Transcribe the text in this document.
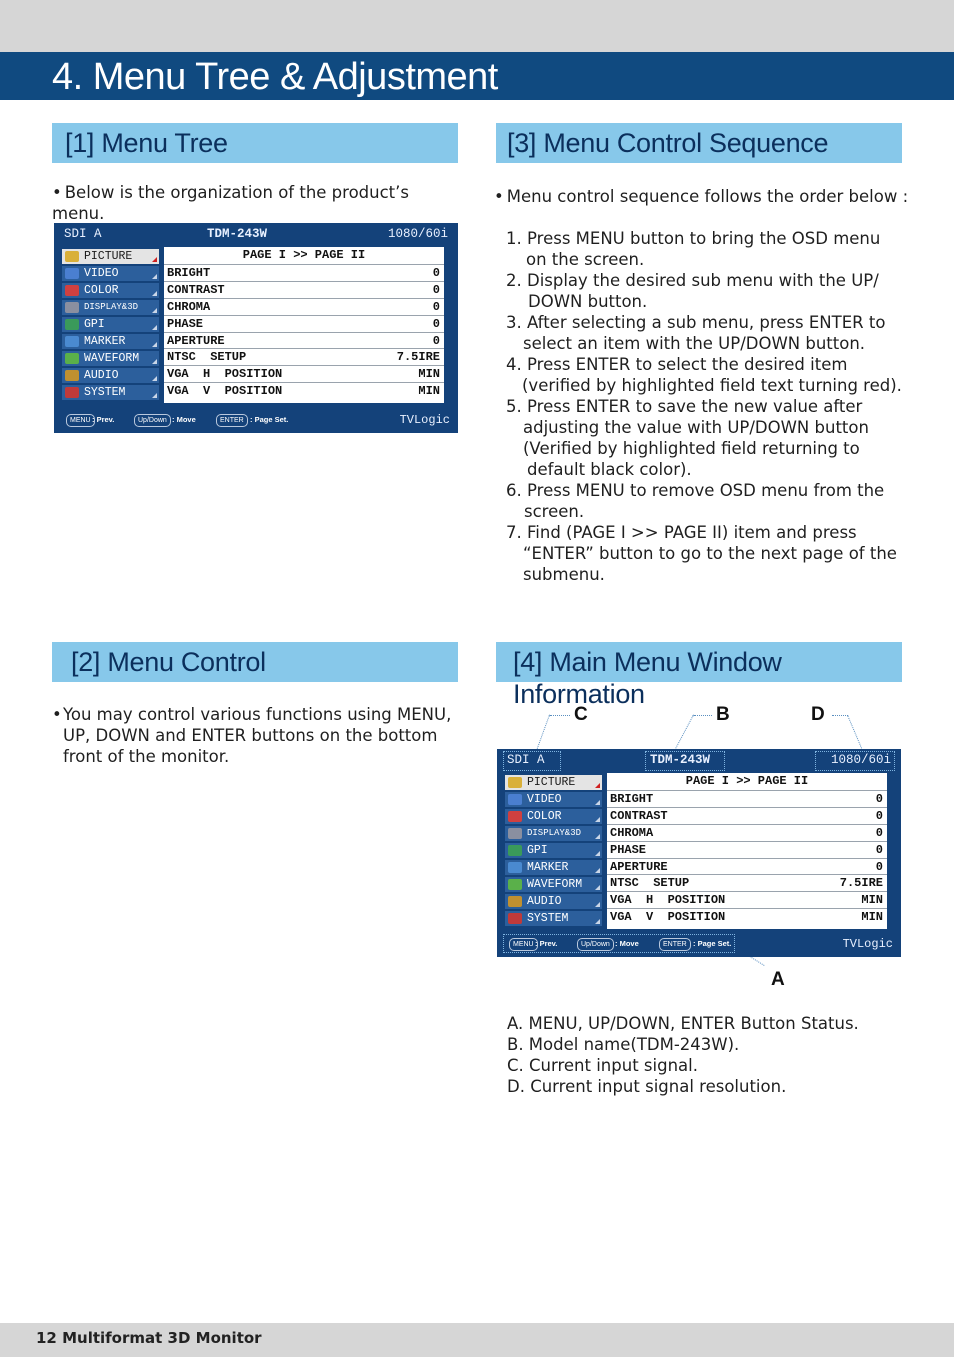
4. Menu Tree & Adjustment
[1] Menu Tree
• Below is the organization of the product’s menu.
SDI A	TDM-243W	1080/60i
PICTURE
VIDEO
COLOR
DISPLAY&3D
GPI
MARKER
WAVEFORM
AUDIO
SYSTEM
PAGE I >> PAGE II
BRIGHT	0
CONTRAST	0
CHROMA	0
PHASE	0
APERTURE	0
NTSC  SETUP	7.5IRE
VGA  H  POSITION	MIN
VGA  V  POSITION	MIN
MENU : Prev.	Up/Down : Move	ENTER : Page Set.	TVLogic
[2] Menu Control
• You may control various functions using MENU, UP, DOWN and ENTER buttons on the bottom front of the monitor.
[3] Menu Control Sequence
• Menu control sequence follows the order below :
1. Press MENU button to bring the OSD menu
on the screen.
2. Display the desired sub menu with the UP/
DOWN button.
3. After selecting a sub menu, press ENTER to
select an item with the UP/DOWN button.
4. Press ENTER to select the desired item
(verified by highlighted field text turning red).
5. Press ENTER to save the new value after
adjusting the value with UP/DOWN button
(Verified by highlighted field returning to
default black color).
6. Press MENU to remove OSD menu from the
screen.
7. Find (PAGE I >> PAGE II) item and press
“ENTER” button to go to the next page of the
submenu.
[4] Main Menu Window Information
C	B	D
A
SDI A	TDM-243W	1080/60i
PICTURE
VIDEO
COLOR
DISPLAY&3D
GPI
MARKER
WAVEFORM
AUDIO
SYSTEM
PAGE I >> PAGE II
BRIGHT	0
CONTRAST	0
CHROMA	0
PHASE	0
APERTURE	0
NTSC  SETUP	7.5IRE
VGA  H  POSITION	MIN
VGA  V  POSITION	MIN
MENU : Prev.	Up/Down : Move	ENTER : Page Set.	TVLogic
A. MENU, UP/DOWN, ENTER Button Status.
B. Model name(TDM-243W).
C. Current input signal.
D. Current input signal resolution.
12 Multiformat 3D Monitor
